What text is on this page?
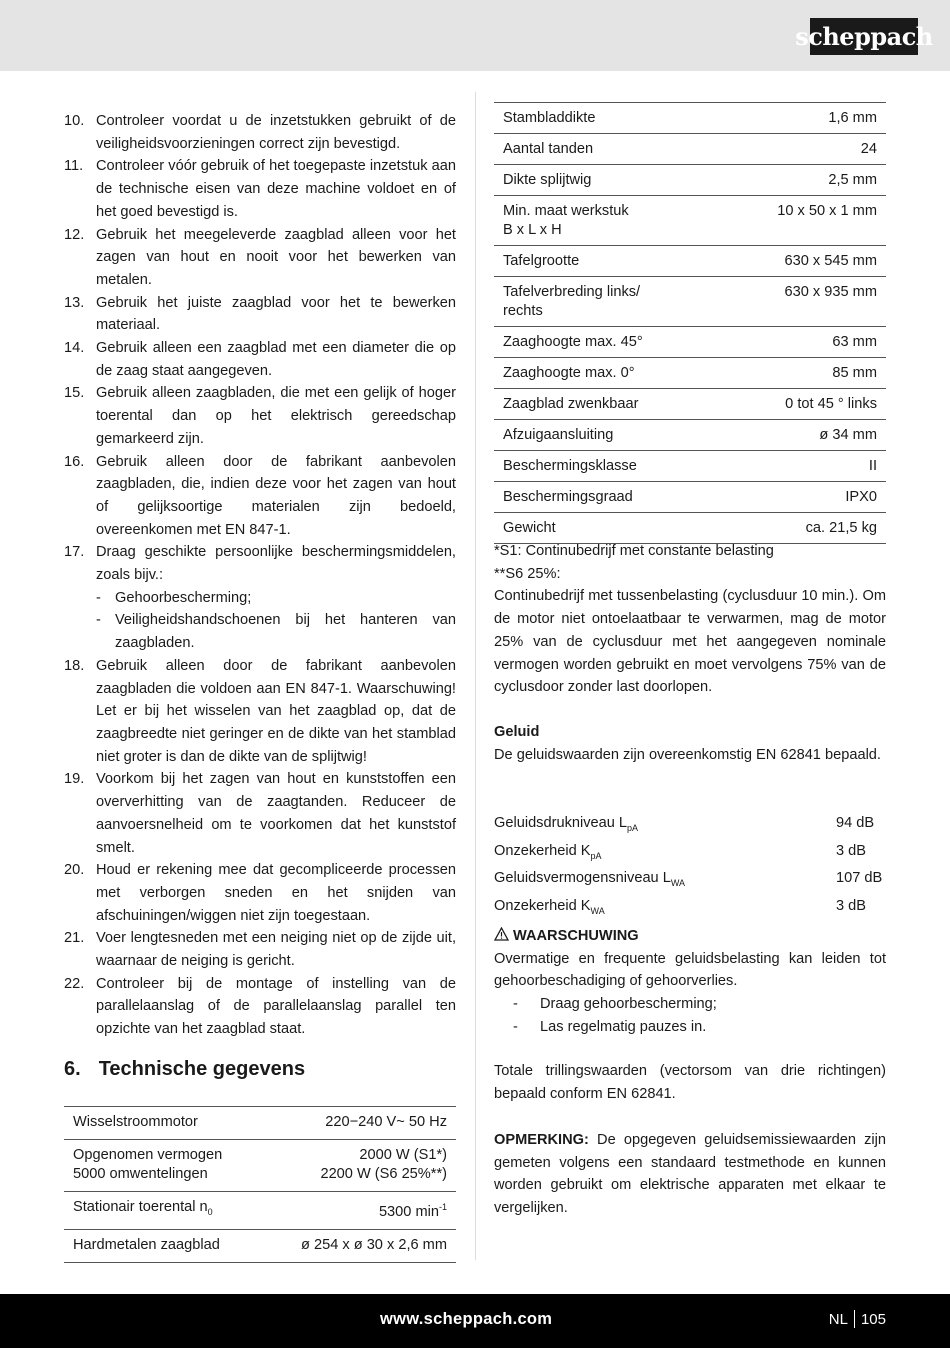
scheppach
10. Controleer voordat u de inzetstukken gebruikt of de veiligheidsvoorzieningen correct zijn bevestigd.
11. Controleer vóór gebruik of het toegepaste inzetstuk aan de technische eisen van deze machine voldoet en of het goed bevestigd is.
12. Gebruik het meegeleverde zaagblad alleen voor het zagen van hout en nooit voor het bewerken van metalen.
13. Gebruik het juiste zaagblad voor het te bewerken materiaal.
14. Gebruik alleen een zaagblad met een diameter die op de zaag staat aangegeven.
15. Gebruik alleen zaagbladen, die met een gelijk of hoger toerental dan op het elektrisch gereedschap gemarkeerd zijn.
16. Gebruik alleen door de fabrikant aanbevolen zaagbladen, die, indien deze voor het zagen van hout of gelijksoortige materialen zijn bedoeld, overeenkomen met EN 847-1.
17. Draag geschikte persoonlijke beschermingsmiddelen, zoals bijv.:
- Gehoorbescherming;
- Veiligheidshandschoenen bij het hanteren van zaagbladen.
18. Gebruik alleen door de fabrikant aanbevolen zaagbladen die voldoen aan EN 847-1. Waarschuwing! Let er bij het wisselen van het zaagblad op, dat de zaagbreedte niet geringer en de dikte van het stamblad niet groter is dan de dikte van de splijtwig!
19. Voorkom bij het zagen van hout en kunststoffen een oververhitting van de zaagtanden. Reduceer de aanvoersnelheid om te voorkomen dat het kunststof smelt.
20. Houd er rekening mee dat gecompliceerde processen met verborgen sneden en het snijden van afschuiningen/wiggen niet zijn toegestaan.
21. Voer lengtesneden met een neiging niet op de zijde uit, waarnaar de neiging is gericht.
22. Controleer bij de montage of instelling van de parallelaanslag of de parallelaanslag parallel ten opzichte van het zaagblad staat.
6. Technische gegevens
Wisselstroommotor	220−240 V~ 50 Hz
Opgenomen vermogen
5000 omwentelingen	2000 W (S1*)
2200 W (S6 25%**)
Stationair toerental $n_0$	5300 $\min^{-1}$
Hardmetalen zaagblad	ø 254 x ø 30 x 2,6 mm
Stambladdikte	1,6 mm
Aantal tanden	24
Dikte splijtwig	2,5 mm
Min. maat werkstuk
B x L x H	10 x 50 x 1 mm
Tafelgrootte	630 x 545 mm
Tafelverbreding links/
rechts	630 x 935 mm
Zaaghoogte max. 45°	63 mm
Zaaghoogte max. 0°	85 mm
Zaagblad zwenkbaar	0 tot 45 ° links
Afzuigaansluiting	ø 34 mm
Beschermingsklasse	II
Beschermingsgraad	IPX0
Gewicht	ca. 21,5 kg
*S1: Continubedrijf met constante belasting
**S6 25%:
Continubedrijf met tussenbelasting (cyclusduur 10 min.). Om de motor niet ontoelaatbaar te verwarmen, mag de motor 25% van de cyclusduur met het aangegeven nominale vermogen worden gebruikt en moet vervolgens 75% van de cyclusdoor zonder last doorlopen.
Geluid
De geluidswaarden zijn overeenkomstig EN 62841 bepaald.
Geluidsdrukniveau $L_{pA}$	94 dB
Onzekerheid $K_{pA}$	3 dB
Geluidsvermogensniveau $L_{WA}$	107 dB
Onzekerheid $K_{WA}$	3 dB
WAARSCHUWING
Overmatige en frequente geluidsbelasting kan leiden tot gehoorbeschadiging of gehoorverlies.
- Draag gehoorbescherming;
- Las regelmatig pauzes in.
Totale trillingswaarden (vectorsom van drie richtingen) bepaald conform EN 62841.
OPMERKING: De opgegeven geluidsemissiewaarden zijn gemeten volgens een standaard testmethode en kunnen worden gebruikt om elektrische apparaten met elkaar te vergelijken.
www.scheppach.com	NL 105
